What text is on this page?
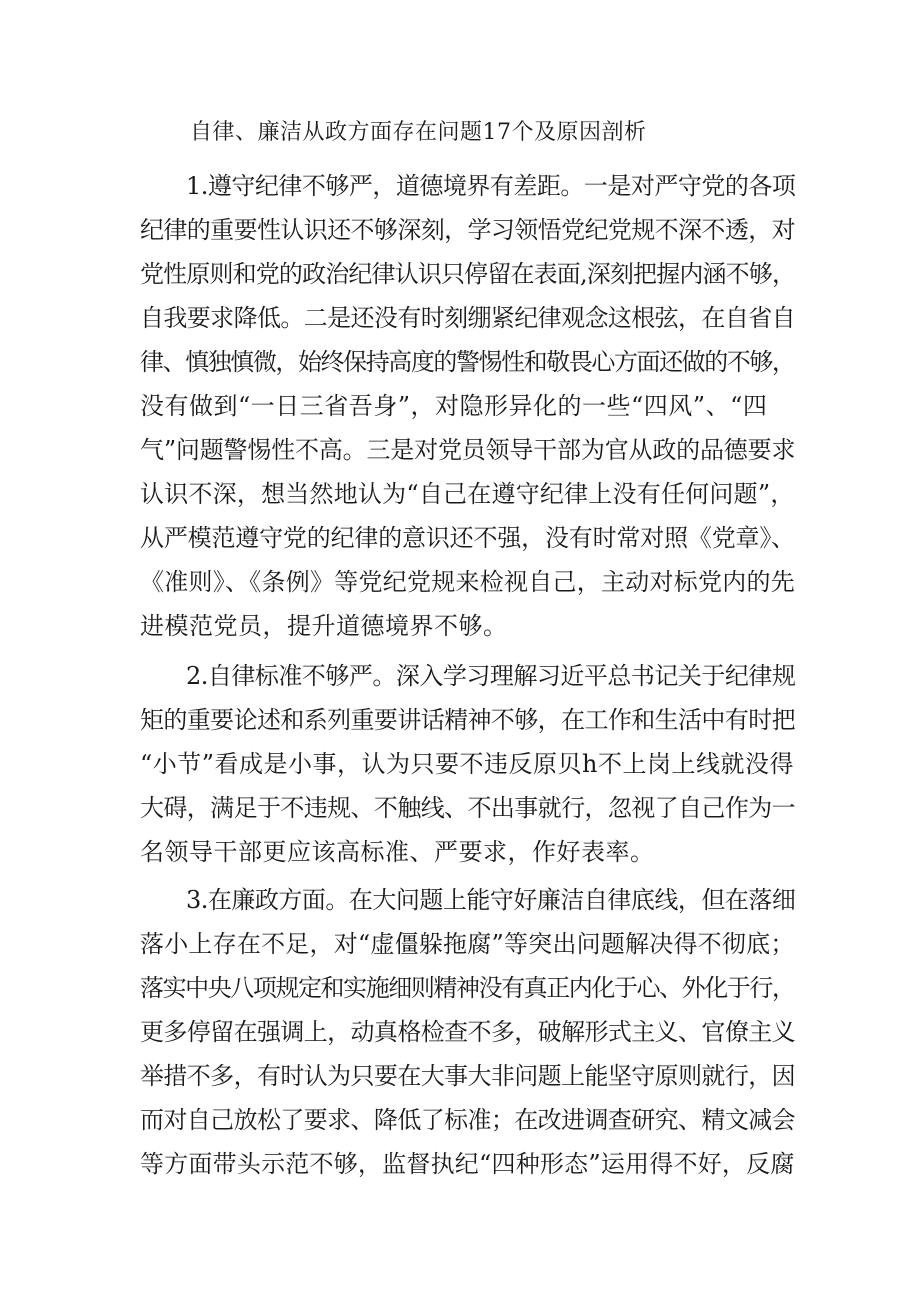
自律、廉洁从政方面存在问题17个及原因剖析
1.遵守纪律不够严，道德境界有差距。一是对严守党的各项
纪律的重要性认识还不够深刻，学习领悟党纪党规不深不透，对
党性原则和党的政治纪律认识只停留在表面,深刻把握内涵不够，
自我要求降低。二是还没有时刻绷紧纪律观念这根弦，在自省自
律、慎独慎微，始终保持高度的警惕性和敬畏心方面还做的不够，
没有做到“一日三省吾身”，对隐形异化的一些“四风”、“四
气”问题警惕性不高。三是对党员领导干部为官从政的品德要求
认识不深，想当然地认为“自己在遵守纪律上没有任何问题”，
从严模范遵守党的纪律的意识还不强，没有时常对照《党章》、
《准则》、《条例》等党纪党规来检视自己，主动对标党内的先
进模范党员，提升道德境界不够。
2.自律标准不够严。深入学习理解习近平总书记关于纪律规
矩的重要论述和系列重要讲话精神不够，在工作和生活中有时把
“小节”看成是小事，认为只要不违反原贝h不上岗上线就没得
大碍，满足于不违规、不触线、不出事就行，忽视了自己作为一
名领导干部更应该高标准、严要求，作好表率。
3.在廉政方面。在大问题上能守好廉洁自律底线，但在落细
落小上存在不足，对“虚僵躲拖腐”等突出问题解决得不彻底；
落实中央八项规定和实施细则精神没有真正内化于心、外化于行，
更多停留在强调上，动真格检查不多，破解形式主义、官僚主义
举措不多，有时认为只要在大事大非问题上能坚守原则就行，因
而对自己放松了要求、降低了标准；在改进调查研究、精文减会
等方面带头示范不够，监督执纪“四种形态”运用得不好，反腐
